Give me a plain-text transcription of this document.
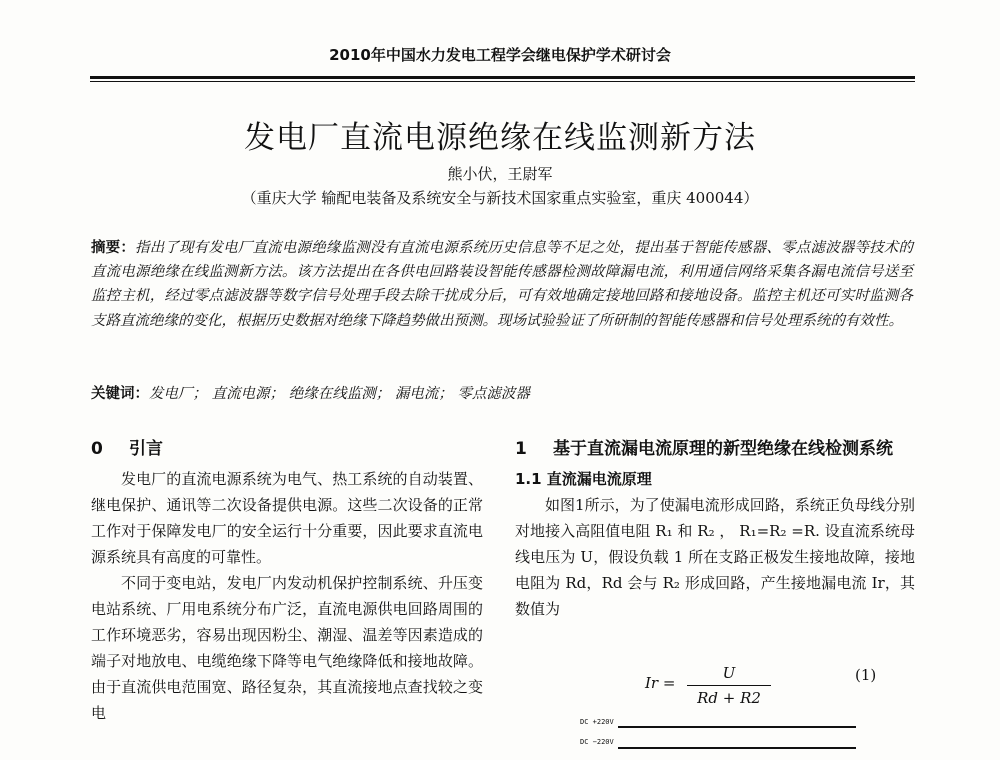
2010年中国水力发电工程学会继电保护学术研讨会
发电厂直流电源绝缘在线监测新方法
熊小伏，王尉军
（重庆大学 输配电装备及系统安全与新技术国家重点实验室，重庆 400044）
摘要：指出了现有发电厂直流电源绝缘监测没有直流电源系统历史信息等不足之处，提出基于智能传感器、零点滤波器等技术的直流电源绝缘在线监测新方法。该方法提出在各供电回路装设智能传感器检测故障漏电流，利用通信网络采集各漏电流信号送至监控主机，经过零点滤波器等数字信号处理手段去除干扰成分后，可有效地确定接地回路和接地设备。监控主机还可实时监测各支路直流绝缘的变化，根据历史数据对绝缘下降趋势做出预测。现场试验验证了所研制的智能传感器和信号处理系统的有效性。
关键词：发电厂； 直流电源； 绝缘在线监测； 漏电流； 零点滤波器
0 引言

发电厂的直流电源系统为电气、热工系统的自动装置、继电保护、通讯等二次设备提供电源。这些二次设备的正常工作对于保障发电厂的安全运行十分重要，因此要求直流电源系统具有高度的可靠性。

不同于变电站，发电厂内发动机保护控制系统、升压变电站系统、厂用电系统分布广泛，直流电源供电回路周围的工作环境恶劣，容易出现因粉尘、潮湿、温差等因素造成的端子对地放电、电缆绝缘下降等电气绝缘降低和接地故障。由于直流供电范围宽、路径复杂，其直流接地点查找较之变电

1 基于直流漏电流原理的新型绝缘在线检测系统
1.1 直流漏电流原理

如图1所示，为了使漏电流形成回路，系统正负母线分别对地接入高阻值电阻 R₁ 和 R₂ ， R₁=R₂ =R. 设直流系统母线电压为 U，假设负载 1 所在支路正极发生接地故障，接地电阻为 Rd，Rd 会与 R₂ 形成回路，产生接地漏电流 Ir，其数值为

Ir =
U
Rd + R2
(1)
DC +220V
DC −220V
